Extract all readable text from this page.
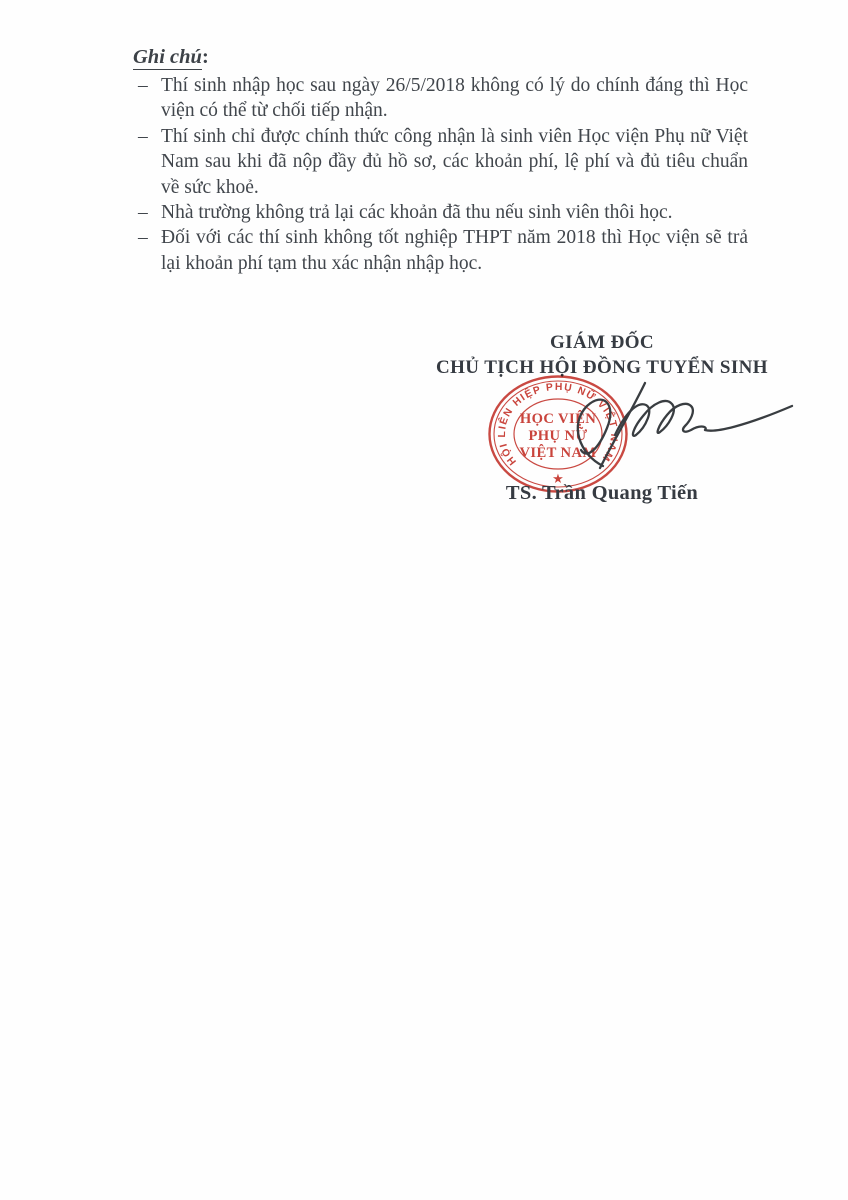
Ghi chú:
– Thí sinh nhập học sau ngày 26/5/2018 không có lý do chính đáng thì Học viện có thể từ chối tiếp nhận.
– Thí sinh chỉ được chính thức công nhận là sinh viên Học viện Phụ nữ Việt Nam sau khi đã nộp đầy đủ hồ sơ, các khoản phí, lệ phí và đủ tiêu chuẩn về sức khoẻ.
– Nhà trường không trả lại các khoản đã thu nếu sinh viên thôi học.
– Đối với các thí sinh không tốt nghiệp THPT năm 2018 thì Học viện sẽ trả lại khoản phí tạm thu xác nhận nhập học.
GIÁM ĐỐC
CHỦ TỊCH HỘI ĐỒNG TUYỂN SINH
HỘI LIÊN HIỆP PHỤ NỮ VIỆT NAM
HỌC VIỆN
PHỤ NỮ
VIỆT NAM
★
TS. Trần Quang Tiến
